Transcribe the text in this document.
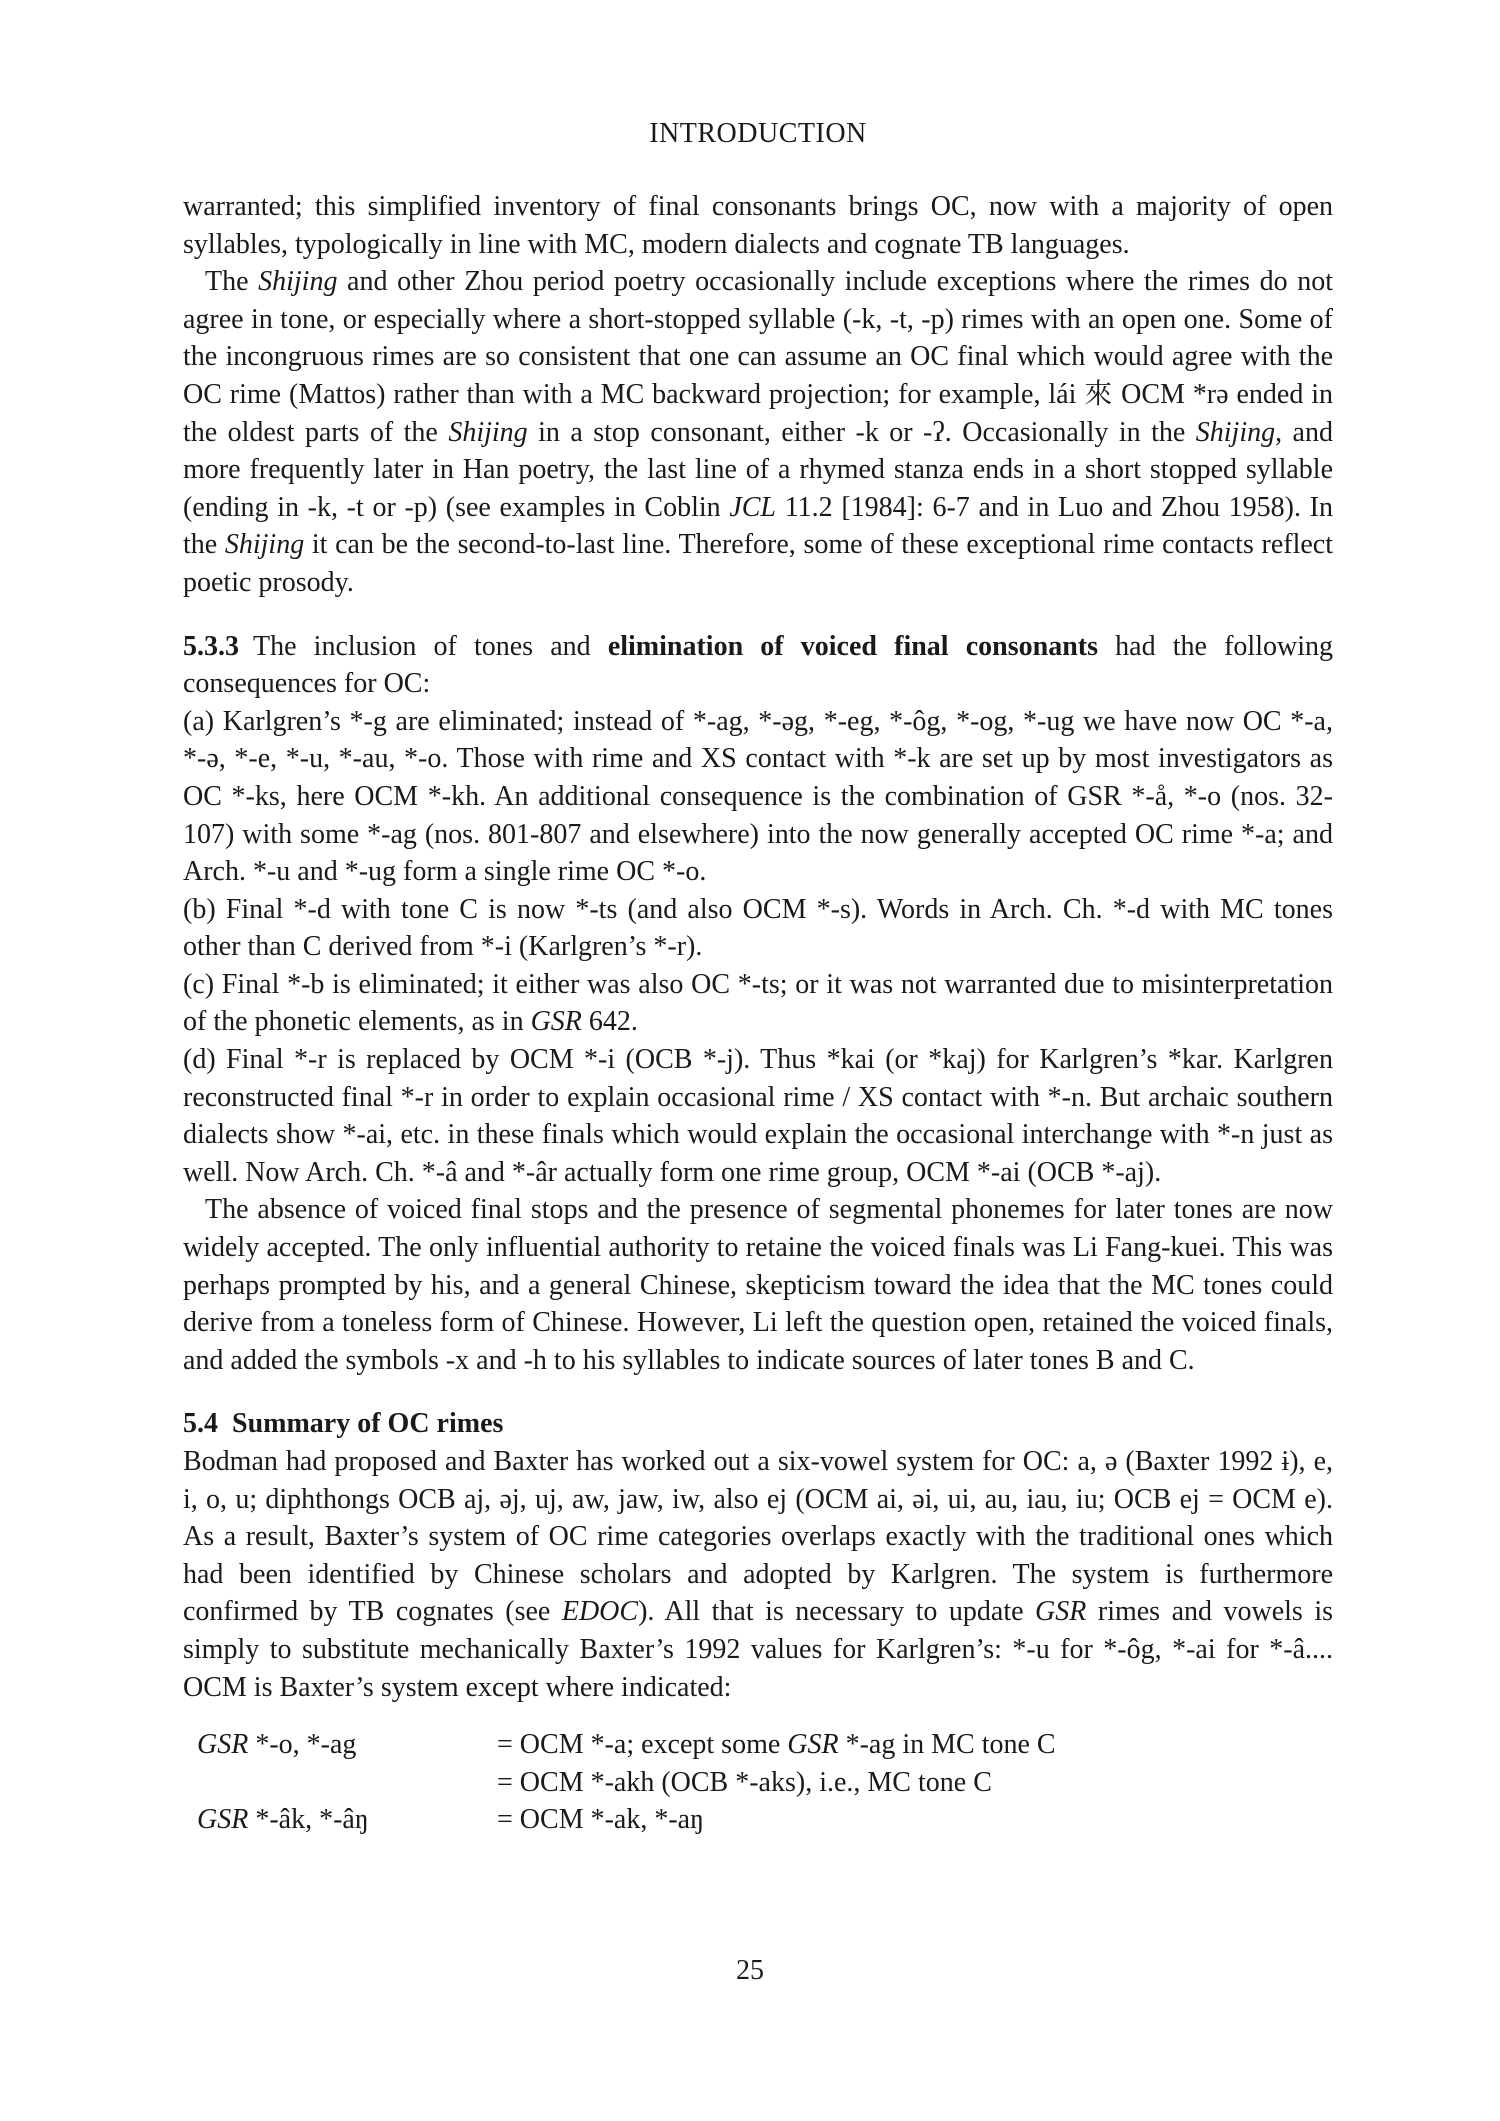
INTRODUCTION

warranted; this simplified inventory of final consonants brings OC, now with a majority of open syllables, typologically in line with MC, modern dialects and cognate TB languages.

The Shijing and other Zhou period poetry occasionally include exceptions where the rimes do not agree in tone, or especially where a short-stopped syllable (-k, -t, -p) rimes with an open one. Some of the incongruous rimes are so consistent that one can assume an OC final which would agree with the OC rime (Mattos) rather than with a MC backward projection; for example, lái 來 OCM *rə ended in the oldest parts of the Shijing in a stop consonant, either -k or -ʔ. Occasionally in the Shijing, and more frequently later in Han poetry, the last line of a rhymed stanza ends in a short stopped syllable (ending in -k, -t or -p) (see examples in Coblin JCL 11.2 [1984]: 6-7 and in Luo and Zhou 1958). In the Shijing it can be the second-to-last line. Therefore, some of these exceptional rime contacts reflect poetic prosody.

5.3.3 The inclusion of tones and elimination of voiced final consonants had the following consequences for OC:

(a) Karlgren’s *-g are eliminated; instead of *-ag, *-əg, *-eg, *-ôg, *-og, *-ug we have now OC *-a, *-ə, *-e, *-u, *-au, *-o. Those with rime and XS contact with *-k are set up by most investigators as OC *-ks, here OCM *-kh. An additional consequence is the combination of GSR *-å, *-o (nos. 32-107) with some *-ag (nos. 801-807 and elsewhere) into the now generally accepted OC rime *-a; and Arch. *-u and *-ug form a single rime OC *-o.

(b) Final *-d with tone C is now *-ts (and also OCM *-s). Words in Arch. Ch. *-d with MC tones other than C derived from *-i (Karlgren’s *-r).

(c) Final *-b is eliminated; it either was also OC *-ts; or it was not warranted due to misinterpretation of the phonetic elements, as in GSR 642.

(d) Final *-r is replaced by OCM *-i (OCB *-j). Thus *kai (or *kaj) for Karlgren’s *kar. Karlgren reconstructed final *-r in order to explain occasional rime / XS contact with *-n. But archaic southern dialects show *-ai, etc. in these finals which would explain the occasional interchange with *-n just as well. Now Arch. Ch. *-â and *-âr actually form one rime group, OCM *-ai (OCB *-aj).

The absence of voiced final stops and the presence of segmental phonemes for later tones are now widely accepted. The only influential authority to retaine the voiced finals was Li Fang-kuei. This was perhaps prompted by his, and a general Chinese, skepticism toward the idea that the MC tones could derive from a toneless form of Chinese. However, Li left the question open, retained the voiced finals, and added the symbols -x and -h to his syllables to indicate sources of later tones B and C.

5.4 Summary of OC rimes

Bodman had proposed and Baxter has worked out a six-vowel system for OC: a, ə (Baxter 1992 ɨ), e, i, o, u; diphthongs OCB aj, əj, uj, aw, jaw, iw, also ej (OCM ai, əi, ui, au, iau, iu; OCB ej = OCM e). As a result, Baxter’s system of OC rime categories overlaps exactly with the traditional ones which had been identified by Chinese scholars and adopted by Karlgren. The system is furthermore confirmed by TB cognates (see EDOC). All that is necessary to update GSR rimes and vowels is simply to substitute mechanically Baxter’s 1992 values for Karlgren’s: *-u for *-ôg, *-ai for *-â.... OCM is Baxter’s system except where indicated:

GSR *-o, *-ag	= OCM *-a; except some GSR *-ag in MC tone C
	= OCM *-akh (OCB *-aks), i.e., MC tone C
GSR *-âk, *-âŋ	= OCM *-ak, *-aŋ
25
